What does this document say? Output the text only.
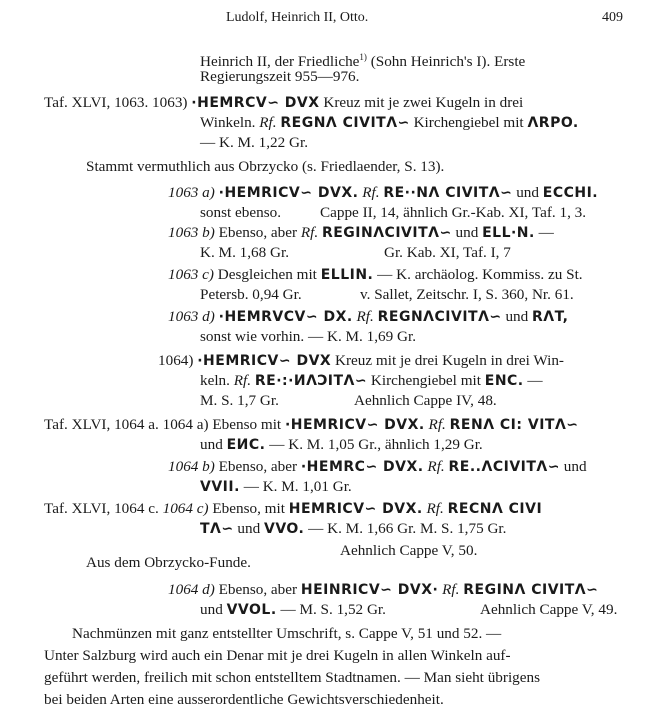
Ludolf, Heinrich II, Otto.	409
Heinrich II, der Friedliche$^{1)}$ (Sohn Heinrich's I). Erste
Regierungszeit 955—976.
Taf. XLVI, 1063. 1063) ·HEMRCV∽ DVX Kreuz mit je zwei Kugeln in drei
Winkeln. Rf. REGNΛ CIVITΛ∽ Kirchengiebel mit ΛRPO.
— K. M. 1,22 Gr.
Stammt vermuthlich aus Obrzycko (s. Friedlaender, S. 13).
1063 a) ·HEMRICV∽ DVX. Rf. RE··NΛ CIVITΛ∽ und ECCHI.
sonst ebenso.	Cappe II, 14, ähnlich Gr.-Kab. XI, Taf. 1, 3.
1063 b) Ebenso, aber Rf. REGINΛCIVITΛ∽ und ELL·N. —
K. M. 1,68 Gr.	Gr. Kab. XI, Taf. I, 7
1063 c) Desgleichen mit ELLIN. — K. archäolog. Kommiss. zu St.
Petersb. 0,94 Gr.	v. Sallet, Zeitschr. I, S. 360, Nr. 61.
1063 d) ·HEMRVCV∽ DX. Rf. REGNΛCIVITΛ∽ und RΛT,
sonst wie vorhin. — K. M. 1,69 Gr.
1064) ·HEMRICV∽ DVX Kreuz mit je drei Kugeln in drei Win-
keln. Rf. RE·:·ИΛϽITΛ∽ Kirchengiebel mit ENC. —
M. S. 1,7 Gr.	Aehnlich Cappe IV, 48.
Taf. XLVI, 1064 a. 1064 a) Ebenso mit ·HEMRICV∽ DVX. Rf. RENΛ CI: VITΛ∽
und EИC. — K. M. 1,05 Gr., ähnlich 1,29 Gr.
1064 b) Ebenso, aber ·HEMRC∽ DVX. Rf. RE..ΛCIVITΛ∽ und
VVII. — K. M. 1,01 Gr.
Taf. XLVI, 1064 c. 1064 c) Ebenso, mit HEMRICV∽ DVX. Rf. RECNΛ CIVI
TΛ∽ und VVO. — K. M. 1,66 Gr. M. S. 1,75 Gr.
Aehnlich Cappe V, 50.
Aus dem Obrzycko-Funde.
1064 d) Ebenso, aber HEINRICV∽ DVX· Rf. REGINΛ CIVITΛ∽
und VVOL. — M. S. 1,52 Gr.	Aehnlich Cappe V, 49.
Nachmünzen mit ganz entstellter Umschrift, s. Cappe V, 51 und 52. —
Unter Salzburg wird auch ein Denar mit je drei Kugeln in allen Winkeln auf-
geführt werden, freilich mit schon entstelltem Stadtnamen. — Man sieht übrigens
bei beiden Arten eine ausserordentliche Gewichtsverschiedenheit.
